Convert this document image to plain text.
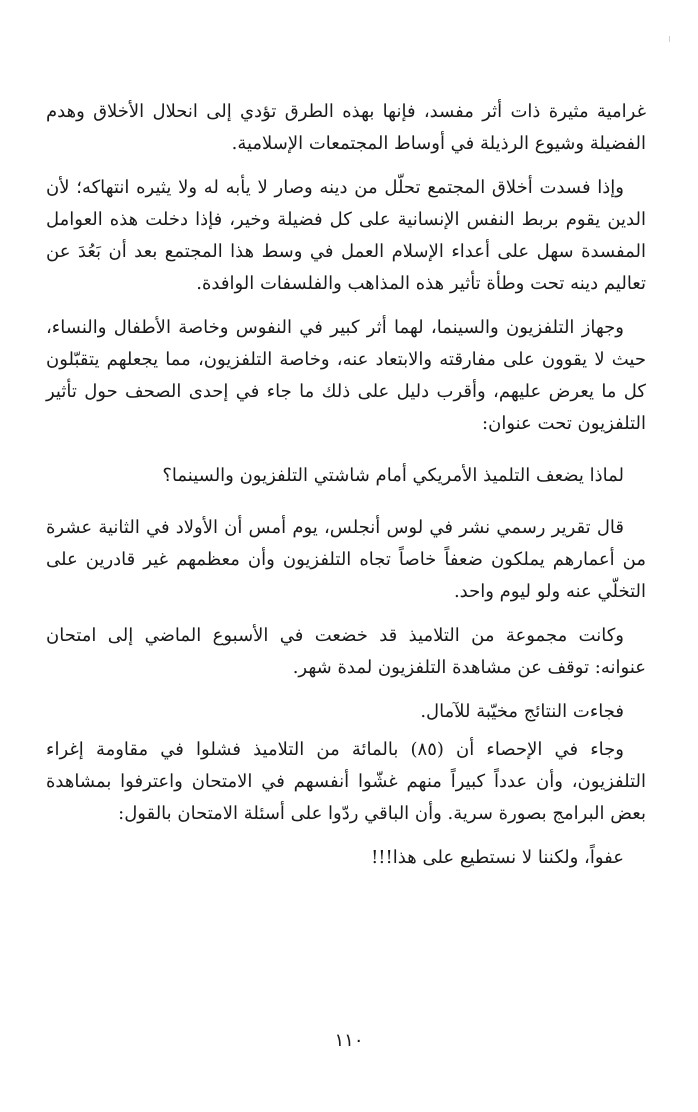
غرامية مثيرة ذات أثر مفسد، فإنها بهذه الطرق تؤدي إلى انحلال الأخلاق وهدم الفضيلة وشيوع الرذيلة في أوساط المجتمعات الإسلامية.

وإذا فسدت أخلاق المجتمع تحلّل من دينه وصار لا يأبه له ولا يثيره انتهاكه؛ لأن الدين يقوم بربط النفس الإنسانية على كل فضيلة وخير، فإذا دخلت هذه العوامل المفسدة سهل على أعداء الإسلام العمل في وسط هذا المجتمع بعد أن بَعُدَ عن تعاليم دينه تحت وطأة تأثير هذه المذاهب والفلسفات الوافدة.

وجهاز التلفزيون والسينما، لهما أثر كبير في النفوس وخاصة الأطفال والنساء، حيث لا يقوون على مفارقته والابتعاد عنه، وخاصة التلفزيون، مما يجعلهم يتقبّلون كل ما يعرض عليهم، وأقرب دليل على ذلك ما جاء في إحدى الصحف حول تأثير التلفزيون تحت عنوان:

لماذا يضعف التلميذ الأمريكي أمام شاشتي التلفزيون والسينما؟

قال تقرير رسمي نشر في لوس أنجلس، يوم أمس أن الأولاد في الثانية عشرة من أعمارهم يملكون ضعفاً خاصاً تجاه التلفزيون وأن معظمهم غير قادرين على التخلّي عنه ولو ليوم واحد.

وكانت مجموعة من التلاميذ قد خضعت في الأسبوع الماضي إلى امتحان عنوانه: توقف عن مشاهدة التلفزيون لمدة شهر.

فجاءت النتائج مخيّبة للآمال.

وجاء في الإحصاء أن (٨٥) بالمائة من التلاميذ فشلوا في مقاومة إغراء التلفزيون، وأن عدداً كبيراً منهم غشّوا أنفسهم في الامتحان واعترفوا بمشاهدة بعض البرامج بصورة سرية. وأن الباقي ردّوا على أسئلة الامتحان بالقول:

عفواً، ولكننا لا نستطيع على هذا!!!

١١٠
